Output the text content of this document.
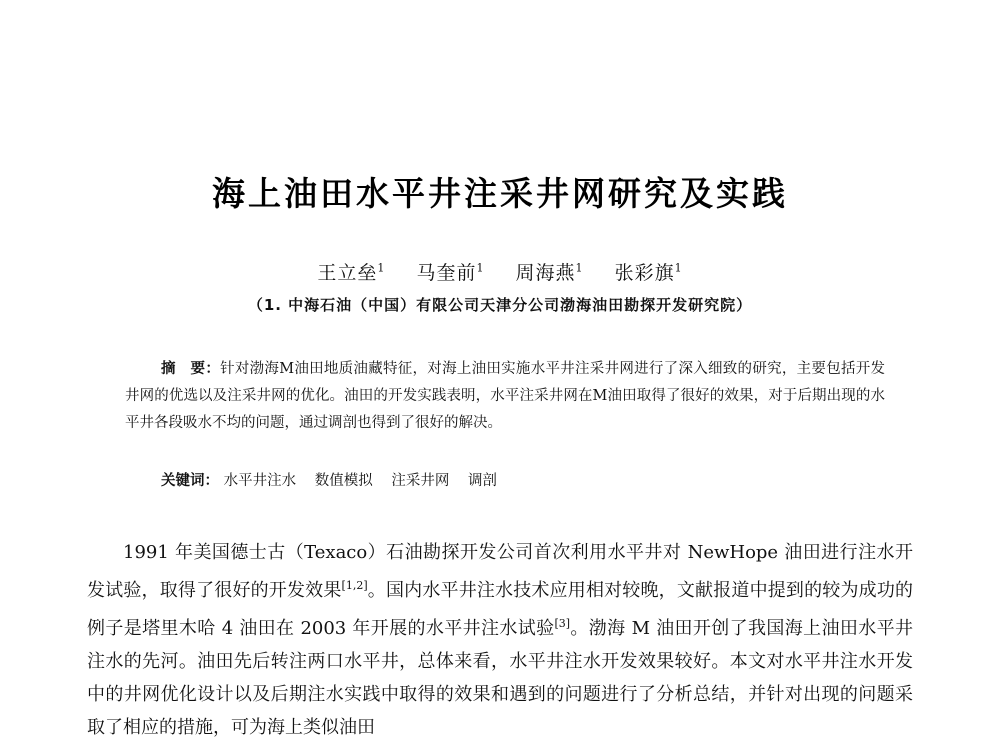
海上油田水平井注采井网研究及实践
王立垒$^1$ 马奎前$^1$ 周海燕$^1$ 张彩旗$^1$
（1. 中海石油（中国）有限公司天津分公司渤海油田勘探开发研究院）
摘　要：针对渤海M油田地质油藏特征，对海上油田实施水平井注采井网进行了深入细致的研究，主要包括开发井网的优选以及注采井网的优化。油田的开发实践表明，水平注采井网在M油田取得了很好的效果，对于后期出现的水平井各段吸水不均的问题，通过调剖也得到了很好的解决。
关键词： 水平井注水 数值模拟 注采井网 调剖
1991 年美国德士古（Texaco）石油勘探开发公司首次利用水平井对 NewHope 油田进行注水开发试验，取得了很好的开发效果[1,2]。国内水平井注水技术应用相对较晚，文献报道中提到的较为成功的例子是塔里木哈 4 油田在 2003 年开展的水平井注水试验[3]。渤海 M 油田开创了我国海上油田水平井注水的先河。油田先后转注两口水平井，总体来看，水平井注水开发效果较好。本文对水平井注水开发中的井网优化设计以及后期注水实践中取得的效果和遇到的问题进行了分析总结，并针对出现的问题采取了相应的措施，可为海上类似油田
